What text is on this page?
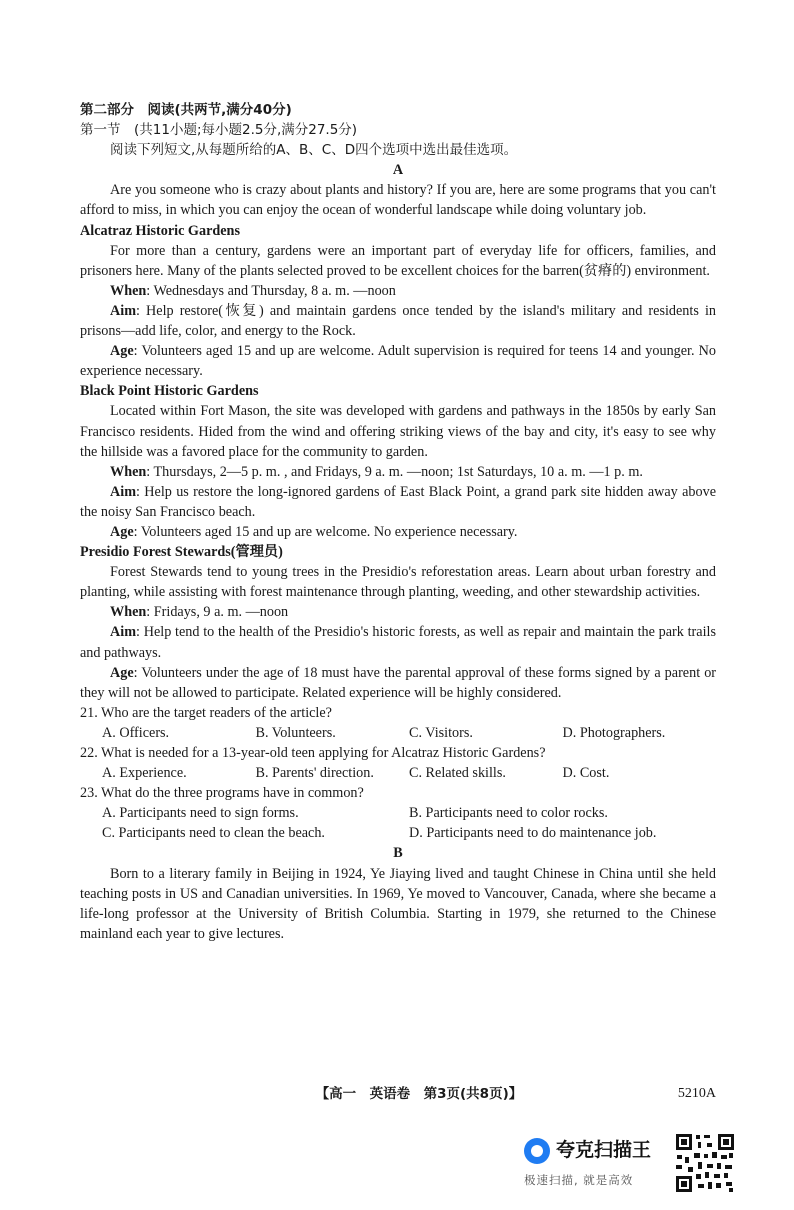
第二部分　阅读(共两节,满分40分)
第一节　(共11小题;每小题2.5分,满分27.5分)
阅读下列短文,从每题所给的A、B、C、D四个选项中选出最佳选项。

A

Are you someone who is crazy about plants and history? If you are, here are some programs that you can't afford to miss, in which you can enjoy the ocean of wonderful landscape while doing voluntary job.

Alcatraz Historic Gardens

For more than a century, gardens were an important part of everyday life for officers, families, and prisoners here. Many of the plants selected proved to be excellent choices for the barren(贫瘠的) environment.

When: Wednesdays and Thursday, 8 a. m. —noon

Aim: Help restore(恢复) and maintain gardens once tended by the island's military and residents in prisons—add life, color, and energy to the Rock.

Age: Volunteers aged 15 and up are welcome. Adult supervision is required for teens 14 and younger. No experience necessary.

Black Point Historic Gardens

Located within Fort Mason, the site was developed with gardens and pathways in the 1850s by early San Francisco residents. Hided from the wind and offering striking views of the bay and city, it's easy to see why the hillside was a favored place for the community to garden.

When: Thursdays, 2—5 p. m. , and Fridays, 9 a. m. —noon; 1st Saturdays, 10 a. m. —1 p. m.

Aim: Help us restore the long-ignored gardens of East Black Point, a grand park site hidden away above the noisy San Francisco beach.

Age: Volunteers aged 15 and up are welcome. No experience necessary.

Presidio Forest Stewards(管理员)

Forest Stewards tend to young trees in the Presidio's reforestation areas. Learn about urban forestry and planting, while assisting with forest maintenance through planting, weeding, and other stewardship activities.

When: Fridays, 9 a. m. —noon

Aim: Help tend to the health of the Presidio's historic forests, as well as repair and maintain the park trails and pathways.

Age: Volunteers under the age of 18 must have the parental approval of these forms signed by a parent or they will not be allowed to participate. Related experience will be highly considered.

21. Who are the target readers of the article?

A. Officers.	B. Volunteers.	C. Visitors.	D. Photographers.

22. What is needed for a 13-year-old teen applying for Alcatraz Historic Gardens?

A. Experience.	B. Parents' direction.	C. Related skills.	D. Cost.

23. What do the three programs have in common?

A. Participants need to sign forms.	B. Participants need to color rocks.
C. Participants need to clean the beach.	D. Participants need to do maintenance job.

B

Born to a literary family in Beijing in 1924, Ye Jiaying lived and taught Chinese in China until she held teaching posts in US and Canadian universities. In 1969, Ye moved to Vancouver, Canada, where she became a life-long professor at the University of British Columbia. Starting in 1979, she returned to the Chinese mainland each year to give lectures.

【高一　英语卷　第3页(共8页)】	5210A
夸克扫描王
极速扫描, 就是高效
